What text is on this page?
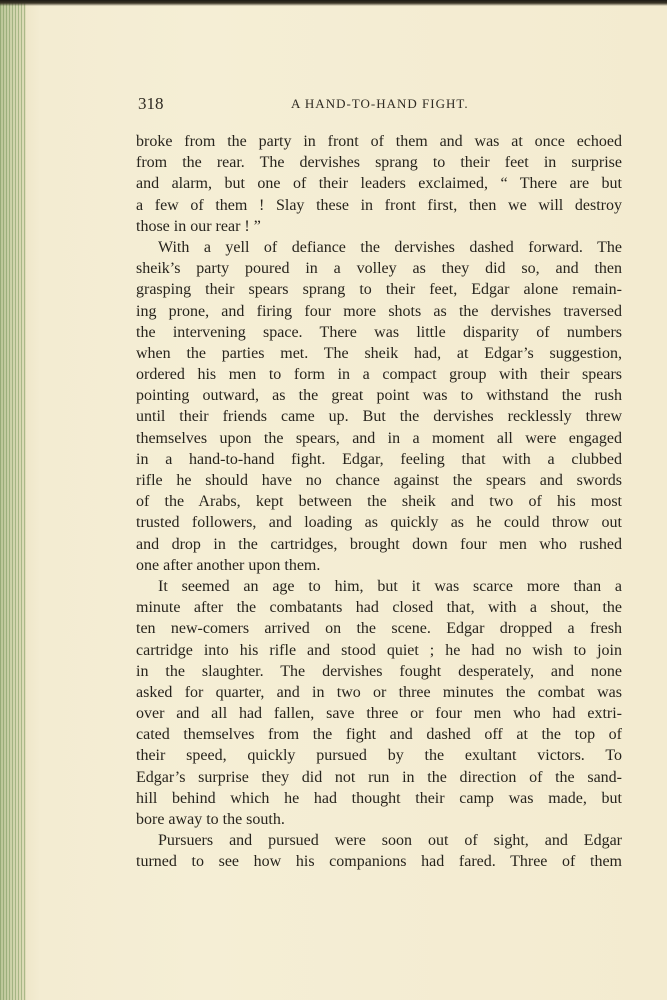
318	A HAND-TO-HAND FIGHT.
broke from the party in front of them and was at once echoed
from the rear. The dervishes sprang to their feet in surprise
and alarm, but one of their leaders exclaimed, “ There are but
a few of them ! Slay these in front first, then we will destroy
those in our rear ! ”
With a yell of defiance the dervishes dashed forward. The
sheik’s party poured in a volley as they did so, and then
grasping their spears sprang to their feet, Edgar alone remain-
ing prone, and firing four more shots as the dervishes traversed
the intervening space. There was little disparity of numbers
when the parties met. The sheik had, at Edgar’s suggestion,
ordered his men to form in a compact group with their spears
pointing outward, as the great point was to withstand the rush
until their friends came up. But the dervishes recklessly threw
themselves upon the spears, and in a moment all were engaged
in a hand-to-hand fight. Edgar, feeling that with a clubbed
rifle he should have no chance against the spears and swords
of the Arabs, kept between the sheik and two of his most
trusted followers, and loading as quickly as he could throw out
and drop in the cartridges, brought down four men who rushed
one after another upon them.
It seemed an age to him, but it was scarce more than a
minute after the combatants had closed that, with a shout, the
ten new-comers arrived on the scene. Edgar dropped a fresh
cartridge into his rifle and stood quiet ; he had no wish to join
in the slaughter. The dervishes fought desperately, and none
asked for quarter, and in two or three minutes the combat was
over and all had fallen, save three or four men who had extri-
cated themselves from the fight and dashed off at the top of
their speed, quickly pursued by the exultant victors. To
Edgar’s surprise they did not run in the direction of the sand-
hill behind which he had thought their camp was made, but
bore away to the south.
Pursuers and pursued were soon out of sight, and Edgar
turned to see how his companions had fared. Three of them
